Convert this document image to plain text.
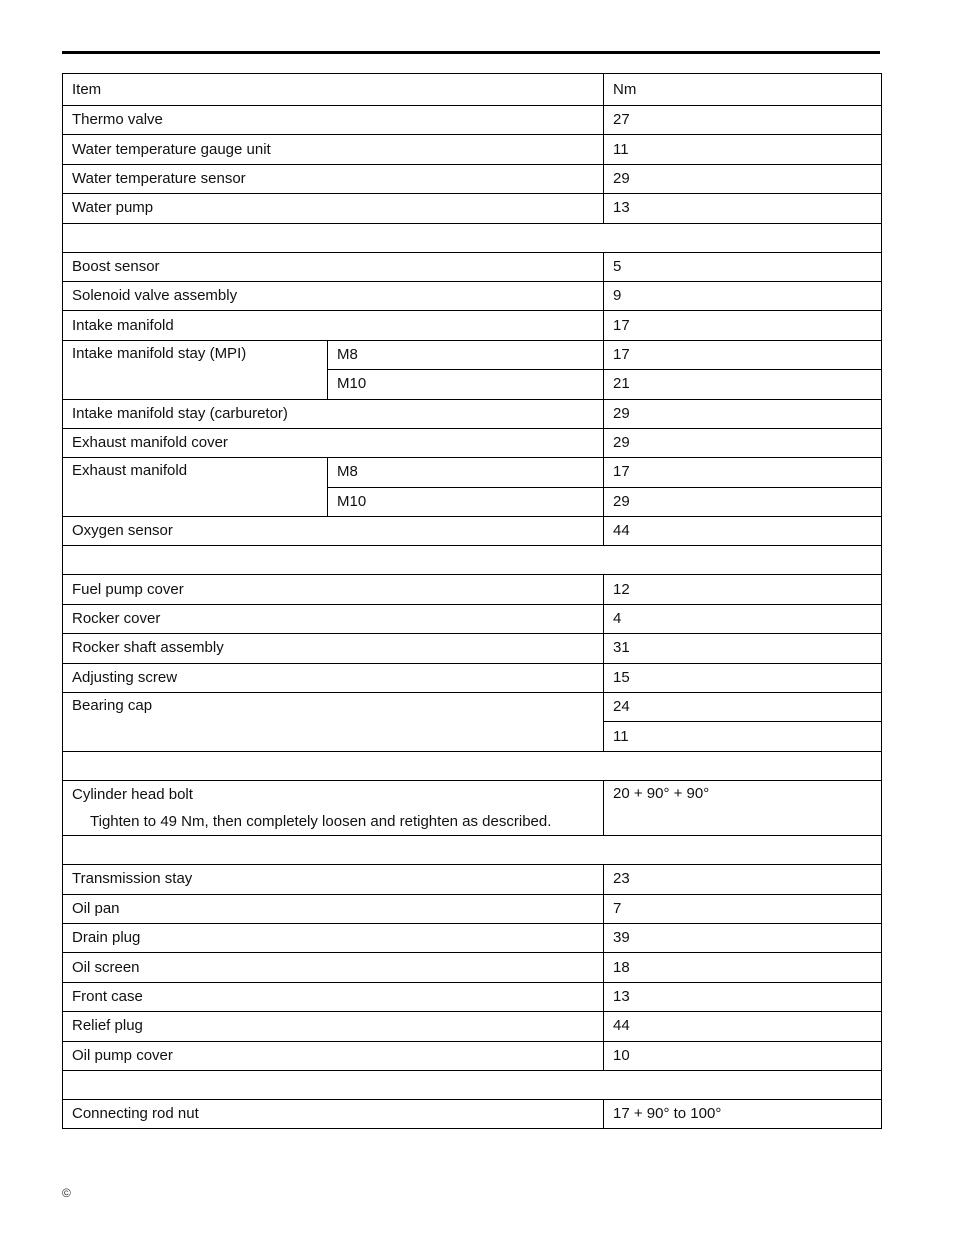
Item		Nm
Thermo valve		27
Water temperature gauge unit		11
Water temperature sensor		29
Water pump		13

Boost sensor		5
Solenoid valve assembly		9
Intake manifold		17
Intake manifold stay (MPI)	M8	17
	M10	21
Intake manifold stay (carburetor)		29
Exhaust manifold cover		29
Exhaust manifold	M8	17
	M10	29
Oxygen sensor		44

Fuel pump cover		12
Rocker cover		4
Rocker shaft assembly		31
Adjusting screw		15
Bearing cap		24
		11

Cylinder head bolt		20 + 90° + 90°
Tighten to 49 Nm, then completely loosen and retighten as described.		

Transmission stay		23
Oil pan		7
Drain plug		39
Oil screen		18
Front case		13
Relief plug		44
Oil pump cover		10

Connecting rod nut		17 + 90° to 100°
©
